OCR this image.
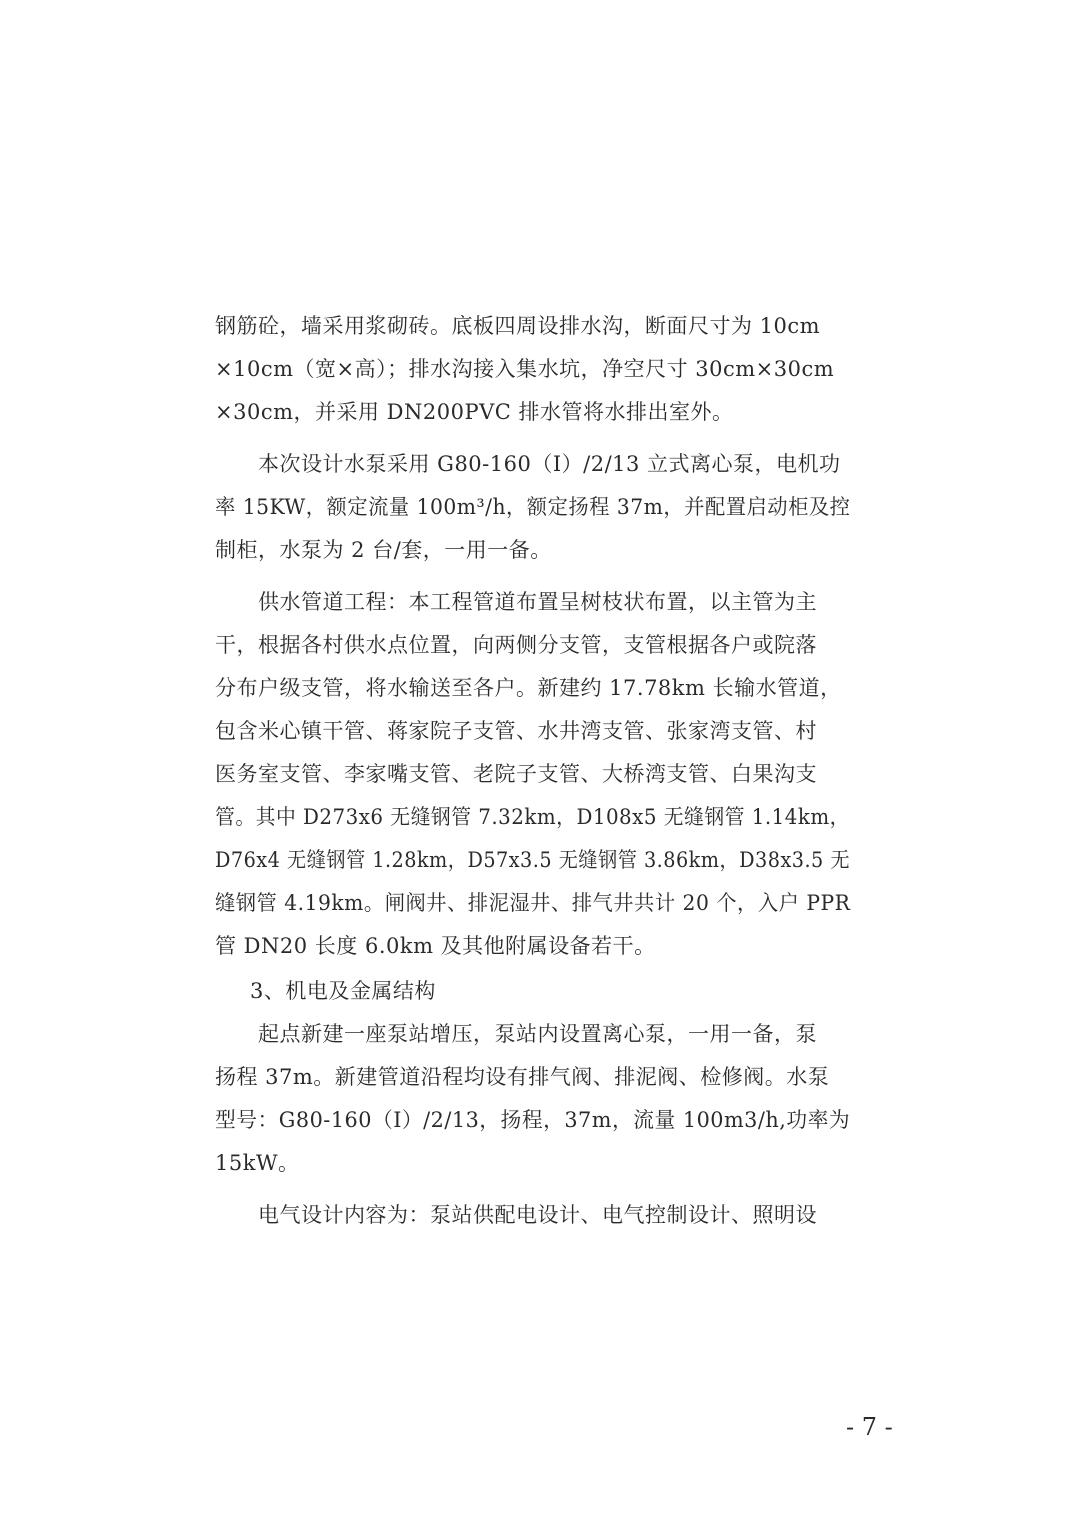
钢筋砼，墙采用浆砌砖。底板四周设排水沟，断面尺寸为 10cm
×10cm（宽×高）；排水沟接入集水坑，净空尺寸 30cm×30cm
×30cm，并采用 DN200PVC 排水管将水排出室外。
本次设计水泵采用 G80-160（I）/2/13 立式离心泵，电机功
率 15KW，额定流量 100m³/h，额定扬程 37m，并配置启动柜及控
制柜，水泵为 2 台/套，一用一备。
供水管道工程：本工程管道布置呈树枝状布置，以主管为主
干，根据各村供水点位置，向两侧分支管，支管根据各户或院落
分布户级支管，将水输送至各户。新建约 17.78km 长输水管道，
包含米心镇干管、蒋家院子支管、水井湾支管、张家湾支管、村
医务室支管、李家嘴支管、老院子支管、大桥湾支管、白果沟支
管。其中 D273x6 无缝钢管 7.32km，D108x5 无缝钢管 1.14km，
D76x4 无缝钢管 1.28km，D57x3.5 无缝钢管 3.86km，D38x3.5 无
缝钢管 4.19km。闸阀井、排泥湿井、排气井共计 20 个，入户 PPR
管 DN20 长度 6.0km 及其他附属设备若干。
3、机电及金属结构
起点新建一座泵站增压，泵站内设置离心泵，一用一备，泵
扬程 37m。新建管道沿程均设有排气阀、排泥阀、检修阀。水泵
型号：G80-160（I）/2/13，扬程，37m，流量 100m3/h,功率为
15kW。
电气设计内容为：泵站供配电设计、电气控制设计、照明设
- 7 -
